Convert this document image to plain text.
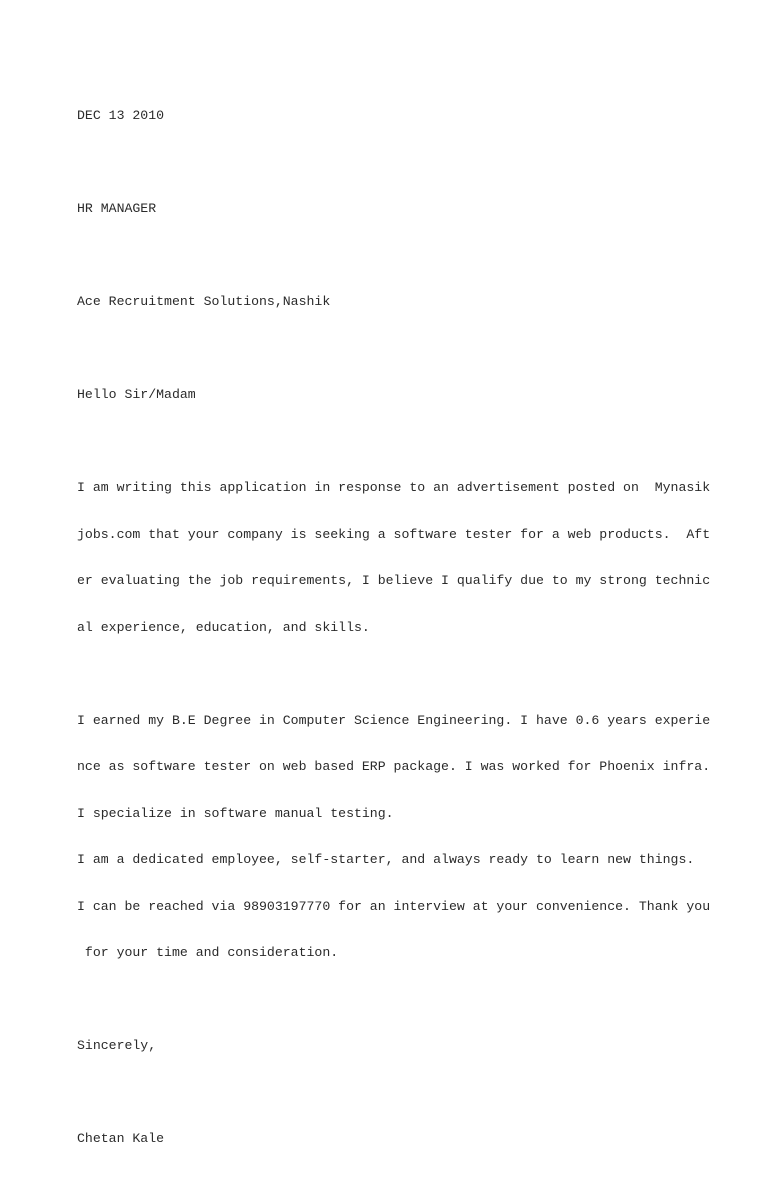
DEC 13 2010

HR MANAGER

Ace Recruitment Solutions,Nashik

Hello Sir/Madam

I am writing this application in response to an advertisement posted on  Mynasik

jobs.com that your company is seeking a software tester for a web products.  Aft

er evaluating the job requirements, I believe I qualify due to my strong technic

al experience, education, and skills.

I earned my B.E Degree in Computer Science Engineering. I have 0.6 years experie

nce as software tester on web based ERP package. I was worked for Phoenix infra.

I specialize in software manual testing.

I am a dedicated employee, self-starter, and always ready to learn new things.

I can be reached via 98903197770 for an interview at your convenience. Thank you

for your time and consideration.

Sincerely,

Chetan Kale
